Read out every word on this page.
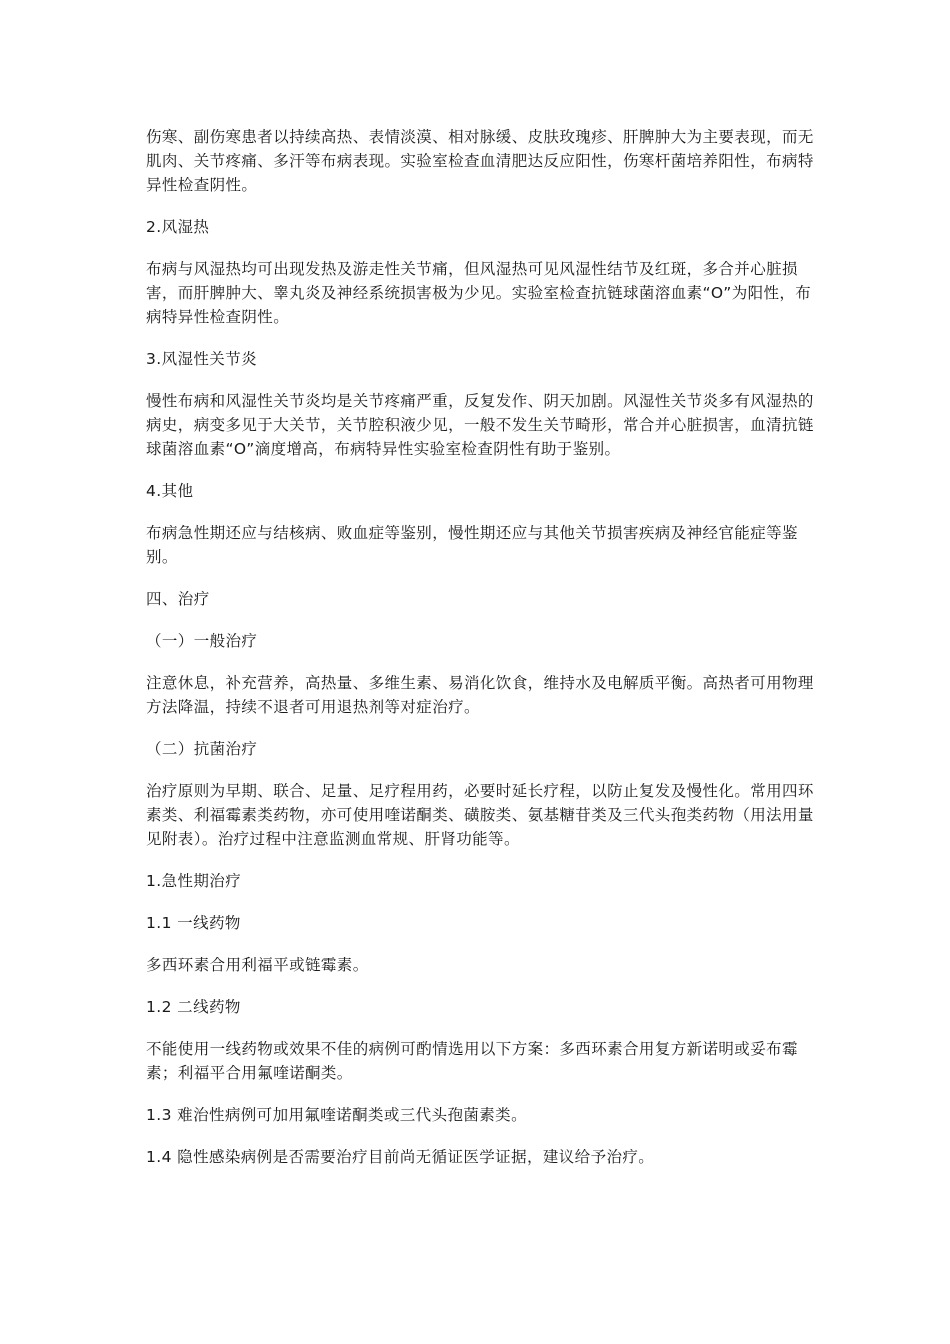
伤寒、副伤寒患者以持续高热、表情淡漠、相对脉缓、皮肤玫瑰疹、肝脾肿大为主要表现，而无肌肉、关节疼痛、多汗等布病表现。实验室检查血清肥达反应阳性，伤寒杆菌培养阳性，布病特异性检查阴性。

2.风湿热

布病与风湿热均可出现发热及游走性关节痛，但风湿热可见风湿性结节及红斑，多合并心脏损害，而肝脾肿大、睾丸炎及神经系统损害极为少见。实验室检查抗链球菌溶血素“O”为阳性，布病特异性检查阴性。

3.风湿性关节炎

慢性布病和风湿性关节炎均是关节疼痛严重，反复发作、阴天加剧。风湿性关节炎多有风湿热的病史，病变多见于大关节，关节腔积液少见，一般不发生关节畸形，常合并心脏损害，血清抗链球菌溶血素“O”滴度增高，布病特异性实验室检查阴性有助于鉴别。

4.其他

布病急性期还应与结核病、败血症等鉴别，慢性期还应与其他关节损害疾病及神经官能症等鉴别。

四、治疗

（一）一般治疗

注意休息，补充营养，高热量、多维生素、易消化饮食，维持水及电解质平衡。高热者可用物理方法降温，持续不退者可用退热剂等对症治疗。

（二）抗菌治疗

治疗原则为早期、联合、足量、足疗程用药，必要时延长疗程，以防止复发及慢性化。常用四环素类、利福霉素类药物，亦可使用喹诺酮类、磺胺类、氨基糖苷类及三代头孢类药物（用法用量见附表）。治疗过程中注意监测血常规、肝肾功能等。

1.急性期治疗

1.1 一线药物

多西环素合用利福平或链霉素。

1.2 二线药物

不能使用一线药物或效果不佳的病例可酌情选用以下方案：多西环素合用复方新诺明或妥布霉素；利福平合用氟喹诺酮类。

1.3 难治性病例可加用氟喹诺酮类或三代头孢菌素类。

1.4 隐性感染病例是否需要治疗目前尚无循证医学证据，建议给予治疗。
